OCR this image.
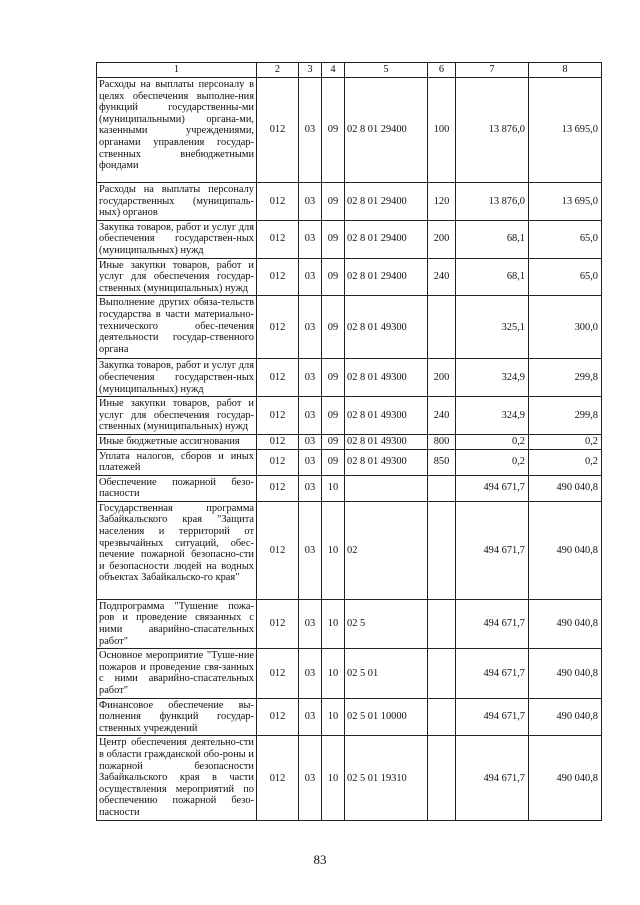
1	2	3	4	5	6	7	8
Расходы на выплаты персоналу в целях обеспечения выполне-ния функций государственны-ми (муниципальными) органа-ми, казенными учреждениями, органами управления государ-ственных внебюджетными фондами	012	03	09	02 8 01 29400	100	13 876,0	13 695,0
Расходы на выплаты персоналу государственных (муниципаль-ных) органов	012	03	09	02 8 01 29400	120	13 876,0	13 695,0
Закупка товаров, работ и услуг для обеспечения государствен-ных (муниципальных) нужд	012	03	09	02 8 01 29400	200	68,1	65,0
Иные закупки товаров, работ и услуг для обеспечения государ-ственных (муниципальных) нужд	012	03	09	02 8 01 29400	240	68,1	65,0
Выполнение других обяза-тельств государства в части материально-технического обес-печения деятельности государ-ственного органа	012	03	09	02 8 01 49300		325,1	300,0
Закупка товаров, работ и услуг для обеспечения государствен-ных (муниципальных) нужд	012	03	09	02 8 01 49300	200	324,9	299,8
Иные закупки товаров, работ и услуг для обеспечения государ-ственных (муниципальных) нужд	012	03	09	02 8 01 49300	240	324,9	299,8
Иные бюджетные ассигнования	012	03	09	02 8 01 49300	800	0,2	0,2
Уплата налогов, сборов и иных платежей	012	03	09	02 8 01 49300	850	0,2	0,2
Обеспечение пожарной безо-пасности	012	03	10			494 671,7	490 040,8
Государственная программа Забайкальского края "Защита населения и территорий от чрезвычайных ситуаций, обес-печение пожарной безопасно-сти и безопасности людей на водных объектах Забайкальско-го края"	012	03	10	02		494 671,7	490 040,8
Подпрограмма "Тушение пожа-ров и проведение связанных с ними аварийно-спасательных работ"	012	03	10	02 5		494 671,7	490 040,8
Основное мероприятие "Туше-ние пожаров и проведение свя-занных с ними аварийно-спасательных работ"	012	03	10	02 5 01		494 671,7	490 040,8
Финансовое обеспечение вы-полнения функций государ-ственных учреждений	012	03	10	02 5 01 10000		494 671,7	490 040,8
Центр обеспечения деятельно-сти в области гражданской обо-роны и пожарной безопасности Забайкальского края в части осуществления мероприятий по обеспечению пожарной безо-пасности	012	03	10	02 5 01 19310		494 671,7	490 040,8
83
